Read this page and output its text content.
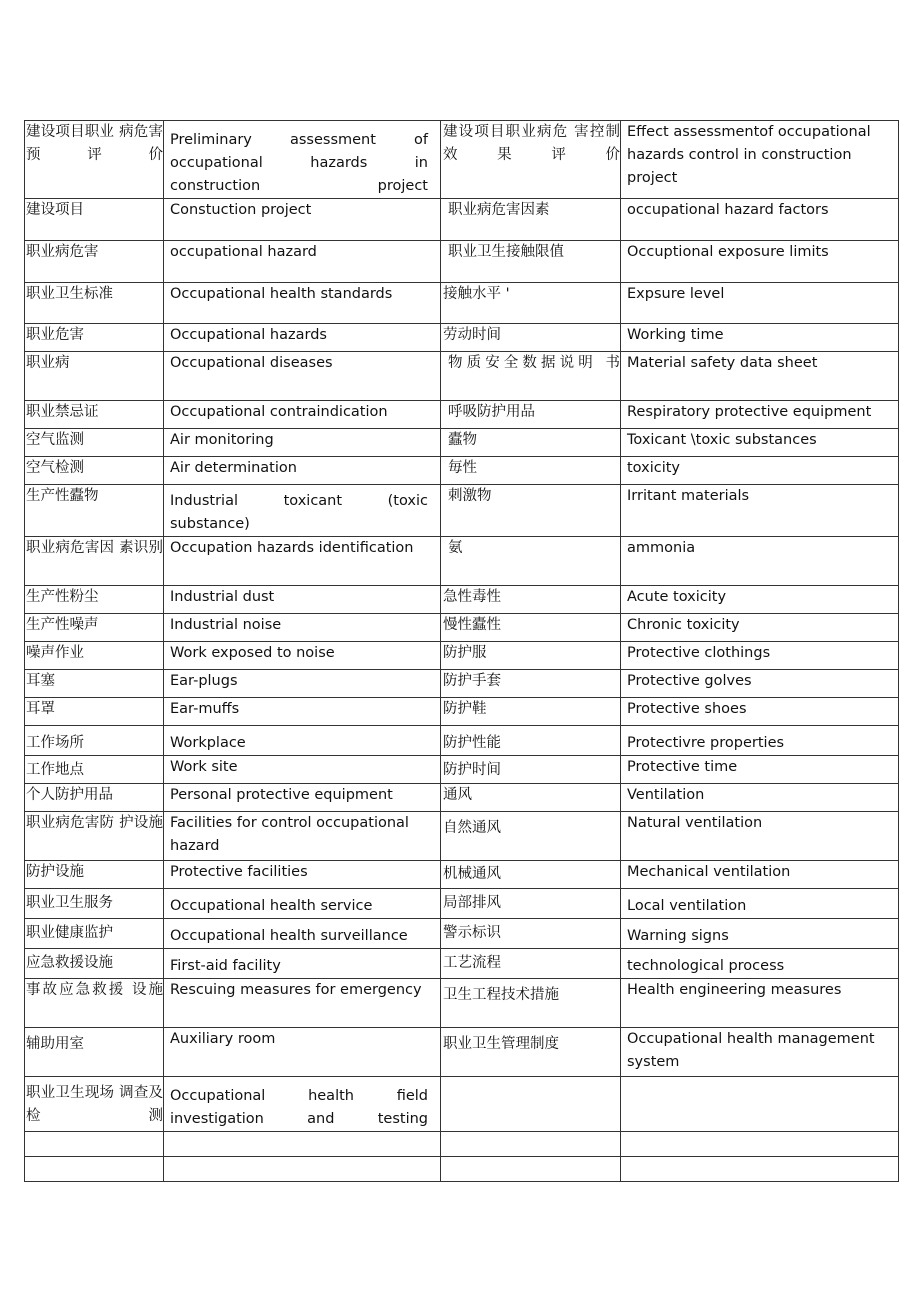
建设项目职业 病危害预评价	Preliminary assessment of occupational hazards in construction project	建设项目职业病危 害控制效果评价	Effect assessmentof occupational hazards control in construction project
建设项目	Constuction project	职业病危害因素	occupational hazard factors
职业病危害	occupational hazard	职业卫生接触限值	Occuptional exposure limits
职业卫生标准	Occupational health standards	接触水平 '	Expsure level
职业危害	Occupational hazards	劳动时间	Working time
职业病	Occupational diseases	物质安全数据说明 书	Material safety data sheet
职业禁忌证	Occupational contraindication	呼吸防护用品	Respiratory protective equipment
空气监测	Air monitoring	蠹物	Toxicant \toxic substances
空气检测	Air determination	毎性	toxicity
生产性蠹物	Industrial toxicant (toxic substance)	刺激物	Irritant materials
职业病危害因 素识别	Occupation hazards identification	氨	ammonia
生产性粉尘	Industrial dust	急性毒性	Acute toxicity
生产性噪声	Industrial noise	慢性蠹性	Chronic toxicity
噪声作业	Work exposed to noise	防护服	Protective clothings
耳塞	Ear-plugs	防护手套	Protective golves
耳罩	Ear-muffs	防护鞋	Protective shoes
工作场所	Workplace	防护性能	Protectivre properties
工作地点	Work site	防护时间	Protective time
个人防护用品	Personal protective equipment	通风	Ventilation
职业病危害防 护设施	Facilities for control occupational hazard	自然通风	Natural ventilation
防护设施	Protective facilities	机械通风	Mechanical ventilation
职业卫生服务	Occupational health service	局部排风	Local ventilation
职业健康监护	Occupational health surveillance	警示标识	Warning signs
应急救援设施	First-aid facility	工艺流程	technological process
事故应急救援 设施	Rescuing measures for emergency	卫生工程技术措施	Health engineering measures
辅助用室	Auxiliary room	职业卫生管理制度	Occupational health management system
职业卫生现场 调查及检测	Occupational health field investigation and testing		
